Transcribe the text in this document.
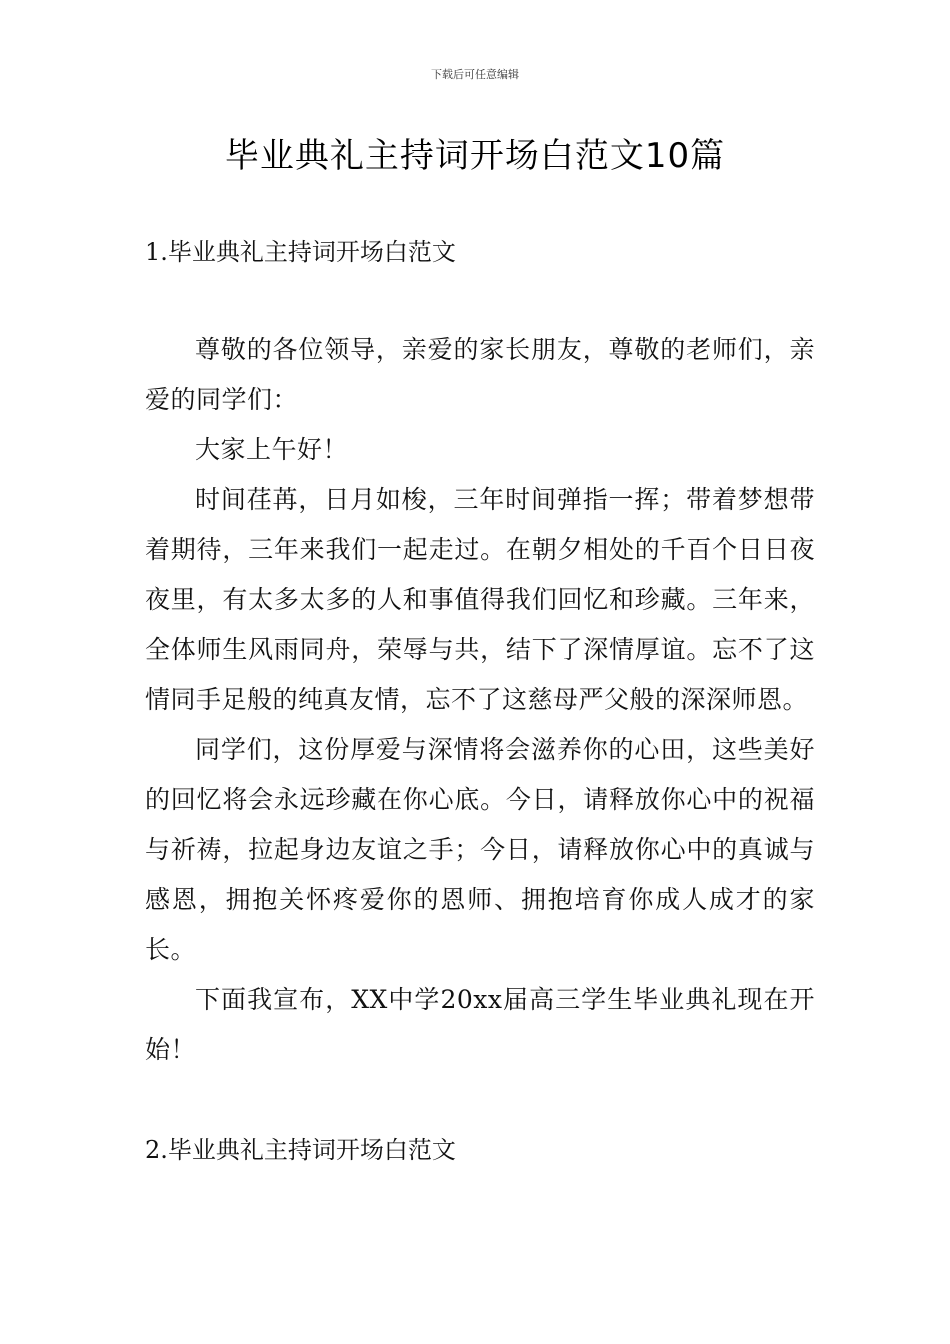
下载后可任意编辑
毕业典礼主持词开场白范文10篇
1.毕业典礼主持词开场白范文

尊敬的各位领导，亲爱的家长朋友，尊敬的老师们，亲爱的同学们：

大家上午好！

时间荏苒，日月如梭，三年时间弹指一挥；带着梦想带着期待，三年来我们一起走过。在朝夕相处的千百个日日夜夜里，有太多太多的人和事值得我们回忆和珍藏。三年来，全体师生风雨同舟，荣辱与共，结下了深情厚谊。忘不了这情同手足般的纯真友情，忘不了这慈母严父般的深深师恩。

同学们，这份厚爱与深情将会滋养你的心田，这些美好的回忆将会永远珍藏在你心底。今日，请释放你心中的祝福与祈祷，拉起身边友谊之手；今日，请释放你心中的真诚与感恩，拥抱关怀疼爱你的恩师、拥抱培育你成人成才的家长。

下面我宣布，XX中学20xx届高三学生毕业典礼现在开始！

2.毕业典礼主持词开场白范文
